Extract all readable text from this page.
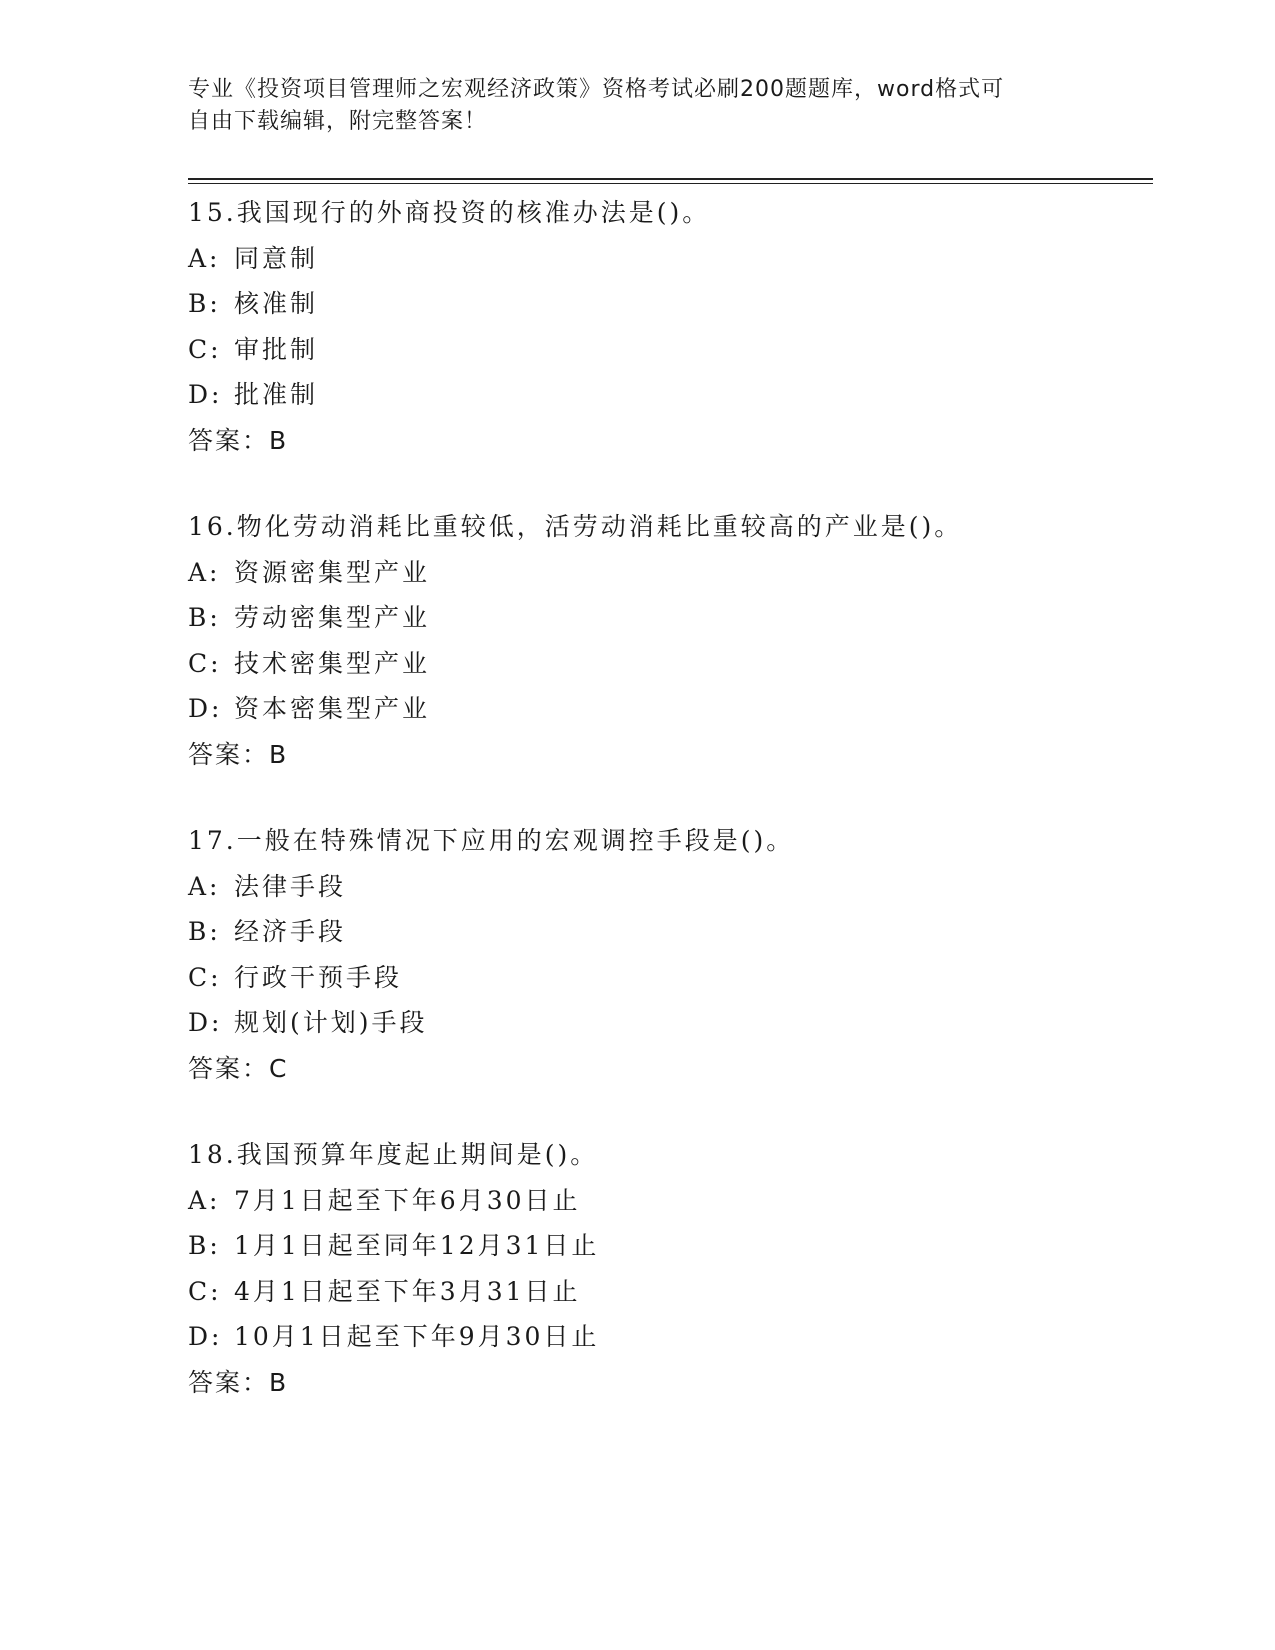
专业《投资项目管理师之宏观经济政策》资格考试必刷200题题库，word格式可
自由下载编辑，附完整答案！
15.我国现行的外商投资的核准办法是()。
A: 同意制
B: 核准制
C: 审批制
D: 批准制
答案：B
16.物化劳动消耗比重较低，活劳动消耗比重较高的产业是()。
A: 资源密集型产业
B: 劳动密集型产业
C: 技术密集型产业
D: 资本密集型产业
答案：B
17.一般在特殊情况下应用的宏观调控手段是()。
A: 法律手段
B: 经济手段
C: 行政干预手段
D: 规划(计划)手段
答案：C
18.我国预算年度起止期间是()。
A: 7月1日起至下年6月30日止
B: 1月1日起至同年12月31日止
C: 4月1日起至下年3月31日止
D: 10月1日起至下年9月30日止
答案：B
